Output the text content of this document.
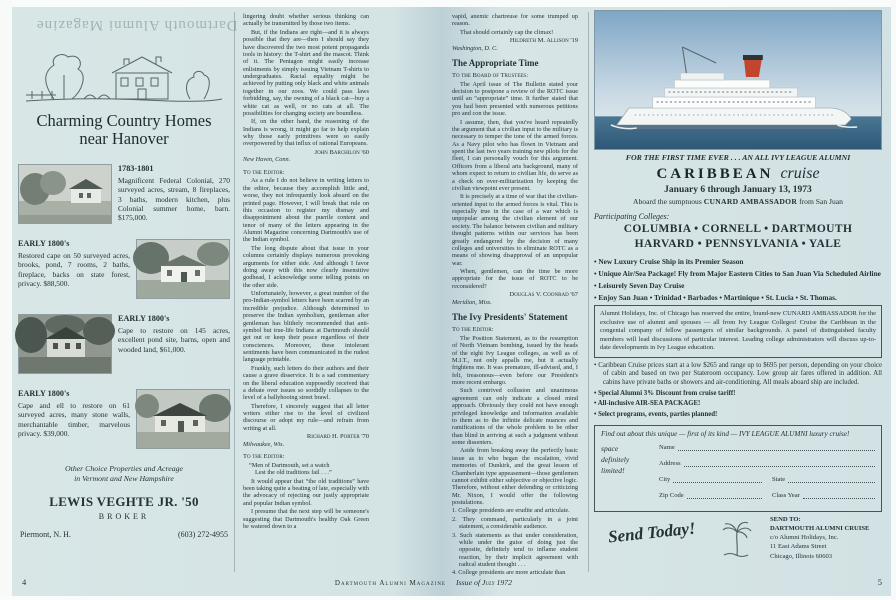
Dartmouth Alumni Magazine
Charming Country Homes
near Hanover
1783-1801
Magnificent Federal Colonial, 270 surveyed acres, stream, 8 fireplaces, 3 baths, modern kitchen, plus Colonial summer home, barn. $175,000.
EARLY 1800's
Restored cape on 50 surveyed acres, brooks, pond, 7 rooms, 2 baths, fireplace, backs on state forest, privacy. $88,500.
EARLY 1800's
Cape to restore on 145 acres, excellent pond site, barns, open and wooded land, $61,000.
EARLY 1800's
Cape and ell to restore on 61 surveyed acres, many stone walls, merchantable timber, marvelous privacy. $39,000.
Other Choice Properties and Acreage
in Vermont and New Hampshire
LEWIS VEGHTE JR. '50
BROKER
Piermont, N. H.	(603) 272-4955

lingering doubt whether serious thinking can actually be transmitted by those two items.

But, if the Indians are right—and it is always possible that they are—then I should say they have discovered the two most potent propaganda tools in history: the T-shirt and the mascot. Think of it. The Pentagon might easily increase enlistments by simply issuing Vietnam T-shirts to undergraduates. Racial equality might be achieved by putting only black and white animals together in our zoos. We could pass laws forbidding, say, the owning of a black cat—buy a white cat as well, or no cats at all. The possibilities for changing society are boundless.

If, on the other hand, the reasoning of the Indians is wrong, it might go far to help explain why those early primitives were so easily overpowered by that influx of rational Europeans.

John Barchilon '60
New Haven, Conn.
To the Editor:

As a rule I do not believe in writing letters to the editor, because they accomplish little and, worse, they not infrequently look absurd on the printed page. However, I will break that rule on this occasion to register my dismay and disappointment about the puerile content and tenor of many of the letters appearing in the Alumni Magazine concerning Dartmouth's use of the Indian symbol.

The long dispute about that issue in your columns certainly displays numerous provoking arguments for either side. And although I favor doing away with this now clearly insensitive godhead, I acknowledge some telling points on the other side.

Unfortunately, however, a great number of the pro-Indian-symbol letters have been scarred by an incredible prejudice. Although determined to preserve the Indian symbolism, gentleman after gentleman has blithely recommended that anti-symbol but true-life Indians at Dartmouth should get out or keep their peace regardless of their consciences. Moreover, these intolerant sentiments have been communicated in the rudest language printable.

Frankly, such letters do their authors and their cause a grave disservice. It is a sad commentary on the liberal education supposedly received that a debate over issues so sordidly collapses to the level of a ballyhooing street brawl.

Therefore, I sincerely suggest that all letter writers either rise to the level of civilized discourse or adopt my rule—and refrain from writing at all.

Richard H. Porter '70
Milwaukee, Wis.
To the Editor:
“Men of Dartmouth, set a watch
Lest the old traditions fail . . .”

It would appear that “the old traditions” have been taking quite a beating of late, especially with the advocacy of rejecting our justly appropriate and popular Indian symbol.

I presume that the next step will be someone's suggesting that Dartmouth's healthy Oak Green be watered down to a

vapid, anemic chartreuse for some trumped up reason.

That should certainly cap the climax!

Hildreth M. Allison '19
Washington, D. C.
The Appropriate Time
To the Board of Trustees:

The April issue of The Bulletin stated your decision to postpone a review of the ROTC issue until an “appropriate” time. It further stated that you had been presented with numerous petitions pro and con the issue.

I assume, then, that you've heard repeatedly the argument that a civilian input to the military is necessary to temper the tone of the armed forces. As a Navy pilot who has flown in Vietnam and spent the last two years training new pilots for the fleet, I can personally vouch for this argument. Officers from a liberal arts background, many of whom expect to return to civilian life, do serve as a check on over-militarization by keeping the civilian viewpoint ever present.

It is precisely at a time of war that the civilian-oriented input to the armed forces is vital. This is especially true in the case of a war which is unpopular among the civilian element of our society. The balance between civilian and military thought patterns within our services has been greatly endangered by the decision of many colleges and universities to eliminate ROTC as a means of showing disapproval of an unpopular war.

When, gentlemen, can the time be more appropriate for the issue of ROTC to be reconsidered?

Douglas V. Coonrad '67
Meridian, Miss.
The Ivy Presidents' Statement
To the Editor:

The Position Statement, as to the resumption of North Vietnam bombing, issued by the heads of the eight Ivy League colleges, as well as of M.I.T., not only appalls me, but it actually frightens me. It was premature, ill-advised, and, I felt, treasonous—even before our President's more recent embargo.

Such contrived collusion and unanimous agreement can only indicate a closed mind approach. Obviously they could not have enough privileged knowledge and information available to them as to the infinite delicate nuances and ramifications of the whole problem to be other than blind in arriving at such a judgment without some dissenters.

Aside from breaking away the perfectly basic issue as to who began the escalation, vivid memories of Dunkirk, and the great lesson of Chamberlain type appeasement—those gentlemen cannot exhibit either subjective or objective logic. Therefore, without either defending or criticizing Mr. Nixon, I would offer the following postulations.

1. College presidents are erudite and articulate.
2. They command, particularly in a joint statement, a considerable audience.
3. Such statements as that under consideration, while under the guise of doing just the opposite, definitely tend to inflame student reaction, by their implicit agreement with radical student thought . . .
4. College presidents are more articulate than
FOR THE FIRST TIME EVER . . . AN ALL IVY LEAGUE ALUMNI
CARIBBEAN cruise
January 6 through January 13, 1973
Aboard the sumptuous CUNARD AMBASSADOR from San Juan
Participating Colleges:
COLUMBIA • CORNELL • DARTMOUTH
HARVARD • PENNSYLVANIA • YALE
• New Luxury Cruise Ship in its Premier Season
• Unique Air/Sea Package! Fly from Major Eastern Cities to San Juan Via Scheduled Airline
• Leisurely Seven Day Cruise
• Enjoy San Juan • Trinidad • Barbados • Martinique • St. Lucia • St. Thomas.
Alumni Holidays, Inc. of Chicago has reserved the entire, brand-new CUNARD AMBASSADOR for the exclusive use of alumni and spouses — all from Ivy League Colleges! Cruise the Caribbean in the congenial company of fellow passengers of similar backgrounds. A panel of distinguished faculty members will lead discussions of particular interest. Leading college administrators will discuss up-to-date developments in Ivy League education.
• Caribbean Cruise prices start at a low $265 and range up to $695 per person, depending on your choice of cabin and based on two per Stateroom occupancy. Low group air fares offered in addition. All cabins have private baths or showers and air-conditioning. All meals aboard ship are included.
• Special Alumni 3% Discount from cruise tariff!
• All-inclusive AIR-SEA PACKAGE!
• Select programs, events, parties planned!
Find out about this unique — first of its kind — IVY LEAGUE ALUMNI luxury cruise!
space
definitely
limited!
Name
Address
City	State
Zip Code	Class Year
Send Today!	SEND TO:
DARTMOUTH ALUMNI CRUISE
c/o Alumni Holidays, Inc.
11 East Adams Street
Chicago, Illinois 60603
4	Dartmouth Alumni Magazine Issue of July 1972	5
